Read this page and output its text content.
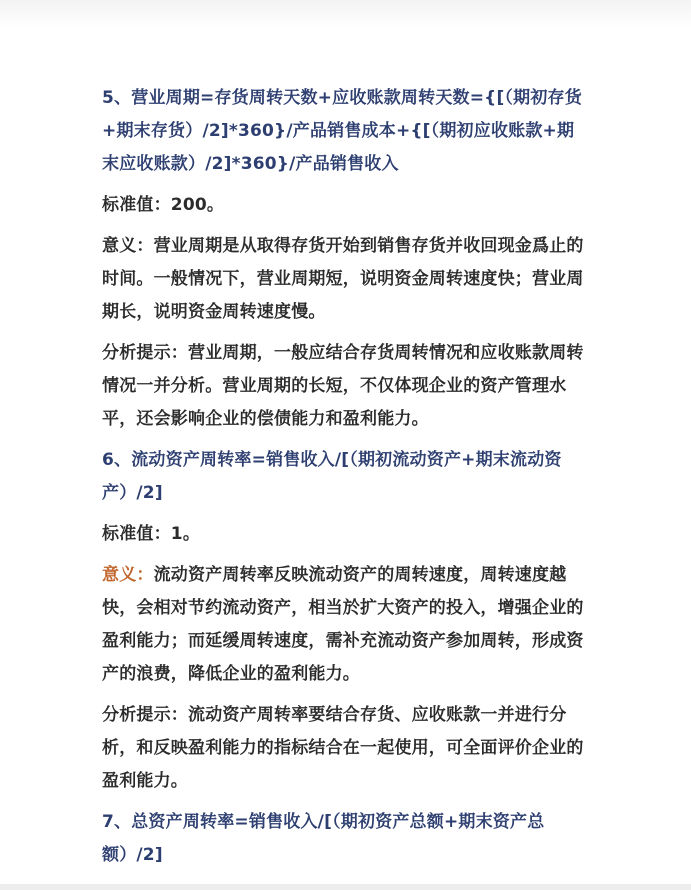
5、营业周期=存货周转天数+应收账款周转天数={[（期初存货+期末存货）/2]*360}/产品销售成本+{[（期初应收账款+期末应收账款）/2]*360}/产品销售收入

标准值：200。

意义：营业周期是从取得存货开始到销售存货并收回现金爲止的时间。一般情况下，营业周期短，说明资金周转速度快；营业周期长，说明资金周转速度慢。

分析提示：营业周期，一般应结合存货周转情况和应收账款周转情况一并分析。营业周期的长短，不仅体现企业的资产管理水平，还会影响企业的偿债能力和盈利能力。

6、流动资产周转率=销售收入/[（期初流动资产+期末流动资产）/2]

标准值：1。

意义：流动资产周转率反映流动资产的周转速度，周转速度越快，会相对节约流动资产，相当於扩大资产的投入，增强企业的盈利能力；而延缓周转速度，需补充流动资产参加周转，形成资产的浪费，降低企业的盈利能力。

分析提示：流动资产周转率要结合存货、应收账款一并进行分析，和反映盈利能力的指标结合在一起使用，可全面评价企业的盈利能力。

7、总资产周转率=销售收入/[（期初资产总额+期末资产总额）/2]
